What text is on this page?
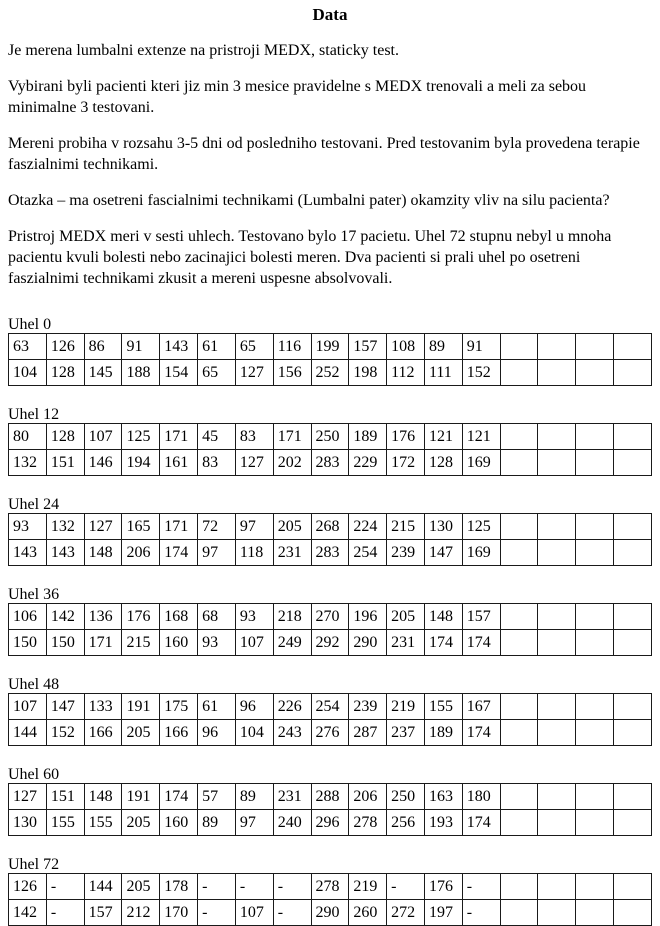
Data

Je merena lumbalni extenze na pristroji MEDX, staticky test.

Vybirani byli pacienti kteri jiz min 3 mesice pravidelne s MEDX trenovali a meli za sebou minimalne 3 testovani.

Mereni probiha v rozsahu 3-5 dni od posledniho testovani. Pred testovanim byla provedena terapie faszialnimi technikami.

Otazka – ma osetreni fascialnimi technikami (Lumbalni pater) okamzity vliv na silu pacienta?

Pristroj MEDX meri v sesti uhlech. Testovano bylo 17 pacietu. Uhel 72 stupnu nebyl u mnoha pacientu kvuli bolesti nebo zacinajici bolesti meren. Dva pacienti si prali uhel po osetreni faszialnimi technikami zkusit a mereni uspesne absolvovali.

Uhel 0
63	126	86	91	143	61	65	116	199	157	108	89	91				
104	128	145	188	154	65	127	156	252	198	112	111	152				
Uhel 12
80	128	107	125	171	45	83	171	250	189	176	121	121				
132	151	146	194	161	83	127	202	283	229	172	128	169				
Uhel 24
93	132	127	165	171	72	97	205	268	224	215	130	125				
143	143	148	206	174	97	118	231	283	254	239	147	169				
Uhel 36
106	142	136	176	168	68	93	218	270	196	205	148	157				
150	150	171	215	160	93	107	249	292	290	231	174	174				
Uhel 48
107	147	133	191	175	61	96	226	254	239	219	155	167				
144	152	166	205	166	96	104	243	276	287	237	189	174				
Uhel 60
127	151	148	191	174	57	89	231	288	206	250	163	180				
130	155	155	205	160	89	97	240	296	278	256	193	174				
Uhel 72
126	-	144	205	178	-	-	-	278	219	-	176	-				
142	-	157	212	170	-	107	-	290	260	272	197	-				
